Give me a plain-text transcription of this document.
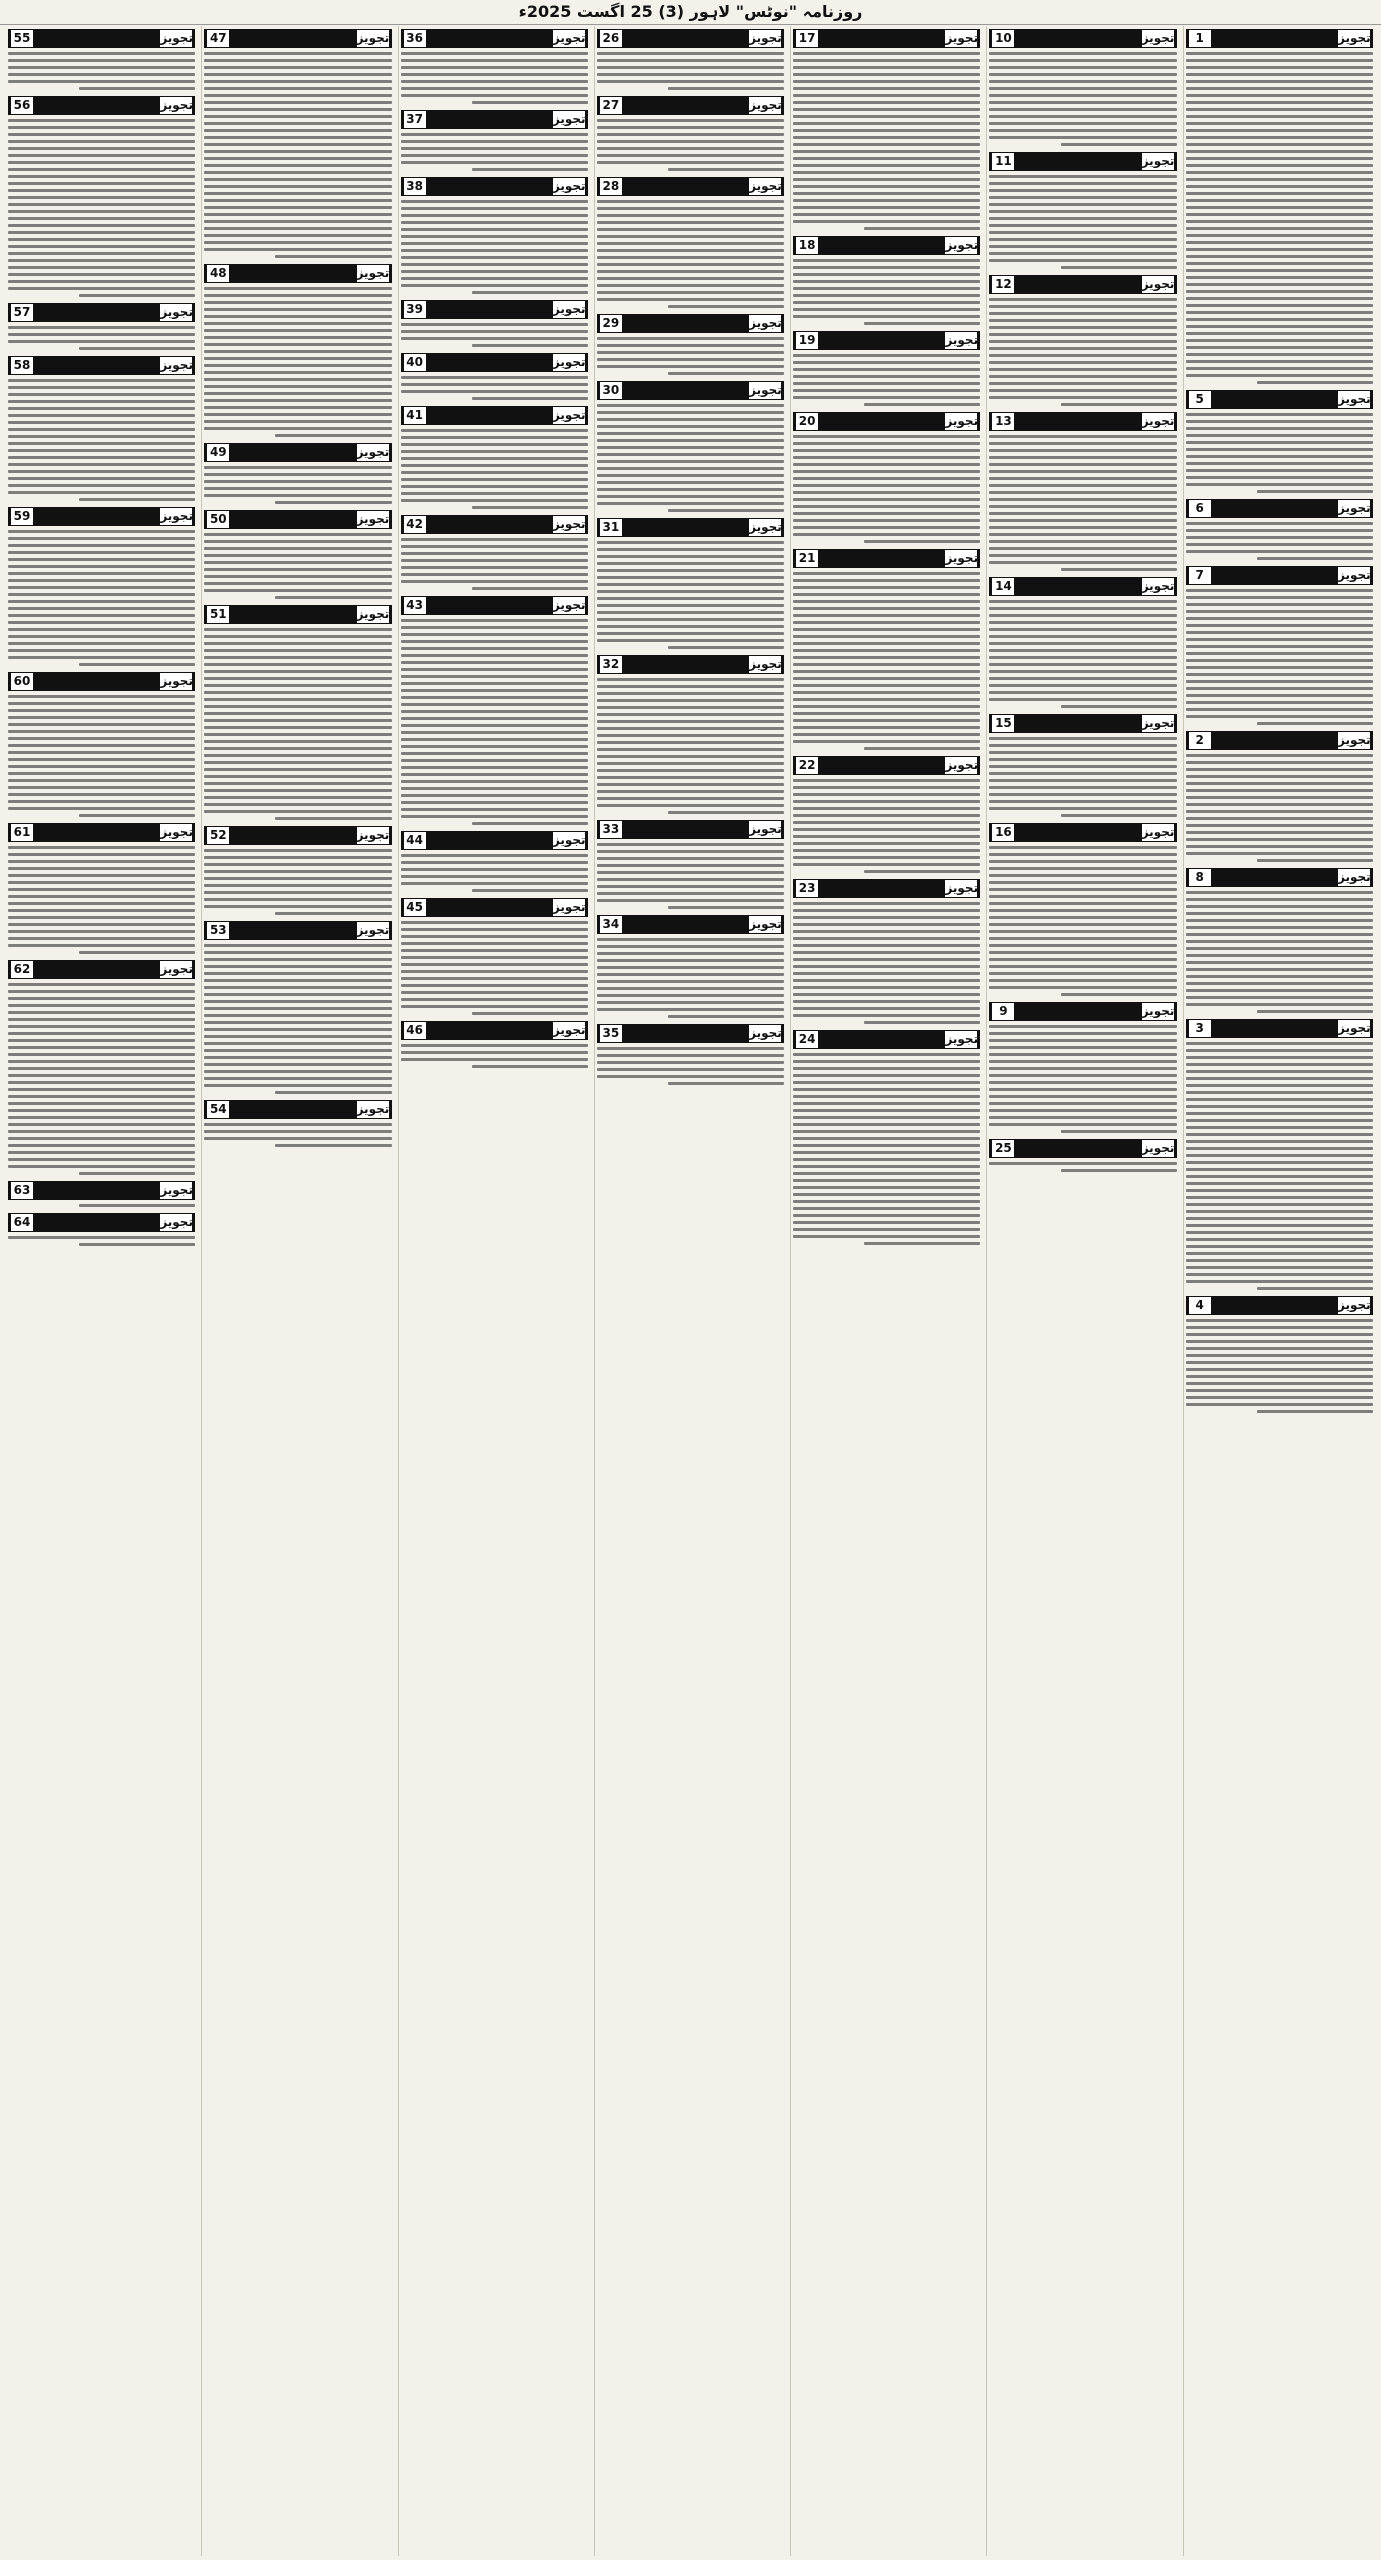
روزنامہ "نوٹس" لاہور (3) 25 اگست 2025ء
تجویز
1
تجویز
5
تجویز
6
تجویز
7
تجویز
2
تجویز
8
تجویز
3
تجویز
4
تجویز
10
تجویز
11
تجویز
12
تجویز
13
تجویز
14
تجویز
15
تجویز
16
تجویز
9
تجویز
25
تجویز
17
تجویز
18
تجویز
19
تجویز
20
تجویز
21
تجویز
22
تجویز
23
تجویز
24
تجویز
26
تجویز
27
تجویز
28
تجویز
29
تجویز
30
تجویز
31
تجویز
32
تجویز
33
تجویز
34
تجویز
35
تجویز
36
تجویز
37
تجویز
38
تجویز
39
تجویز
40
تجویز
41
تجویز
42
تجویز
43
تجویز
44
تجویز
45
تجویز
46
تجویز
47
تجویز
48
تجویز
49
تجویز
50
تجویز
51
تجویز
52
تجویز
53
تجویز
54
تجویز
55
تجویز
56
تجویز
57
تجویز
58
تجویز
59
تجویز
60
تجویز
61
تجویز
62
تجویز
63
تجویز
64
